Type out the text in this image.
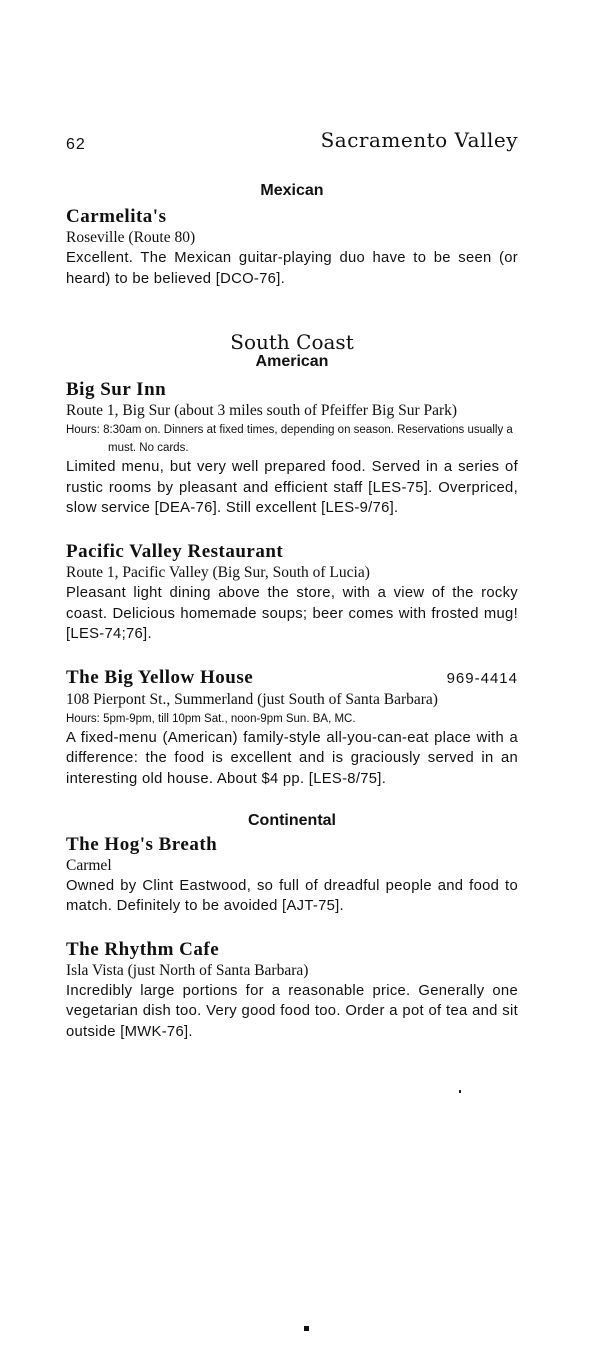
62	Sacramento Valley

Mexican

Carmelita's

Roseville (Route 80)

Excellent. The Mexican guitar-playing duo have to be seen (or heard) to be believed [DCO-76].

South Coast

American

Big Sur Inn

Route 1, Big Sur (about 3 miles south of Pfeiffer Big Sur Park)

Hours: 8:30am on. Dinners at fixed times, depending on season. Reservations usually a must. No cards.

Limited menu, but very well prepared food. Served in a series of rustic rooms by pleasant and efficient staff [LES-75]. Overpriced, slow service [DEA-76]. Still excellent [LES-9/76].

Pacific Valley Restaurant

Route 1, Pacific Valley (Big Sur, South of Lucia)

Pleasant light dining above the store, with a view of the rocky coast. Delicious homemade soups; beer comes with frosted mug! [LES-74;76].

The Big Yellow House	969-4414

108 Pierpont St., Summerland (just South of Santa Barbara)

Hours: 5pm-9pm, till 10pm Sat., noon-9pm Sun. BA, MC.

A fixed-menu (American) family-style all-you-can-eat place with a difference: the food is excellent and is graciously served in an interesting old house. About $4 pp. [LES-8/75].

Continental

The Hog's Breath

Carmel

Owned by Clint Eastwood, so full of dreadful people and food to match. Definitely to be avoided [AJT-75].

The Rhythm Cafe

Isla Vista (just North of Santa Barbara)

Incredibly large portions for a reasonable price. Generally one vegetarian dish too. Very good food too. Order a pot of tea and sit outside [MWK-76].
